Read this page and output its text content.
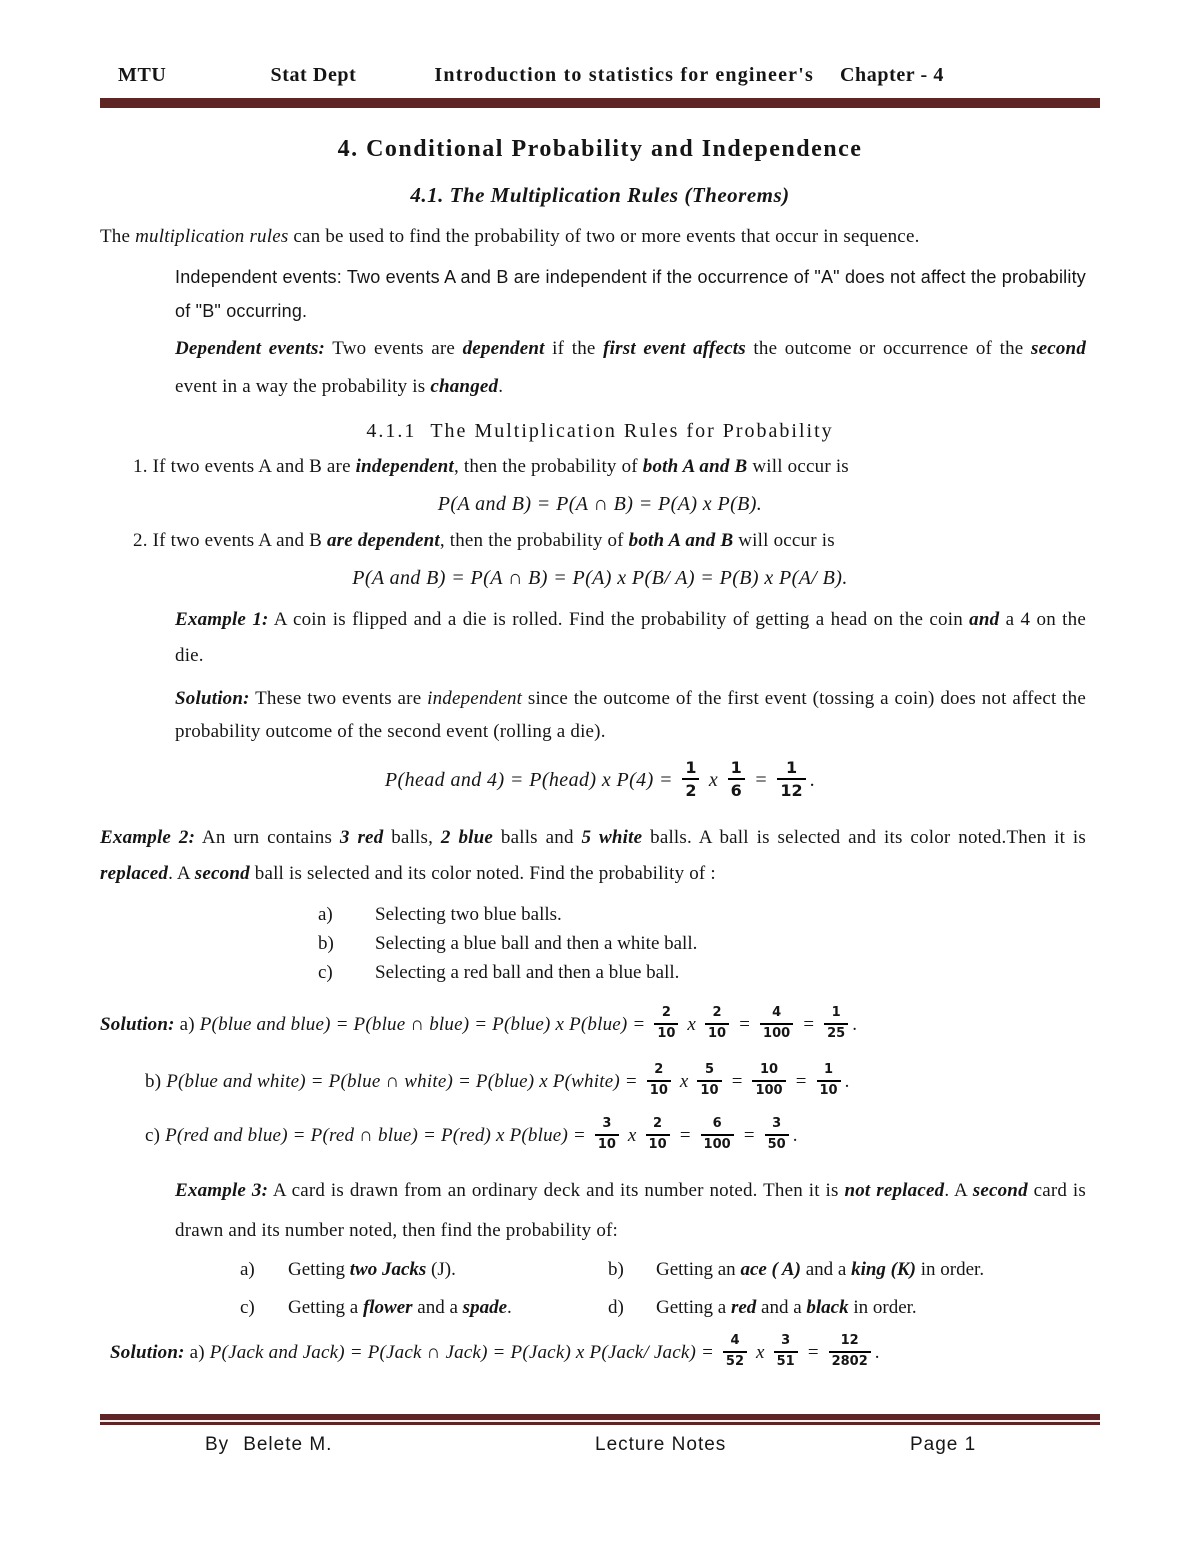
MTU	Stat Dept	Introduction to statistics for engineer's Chapter - 4
4. Conditional Probability and Independence
4.1. The Multiplication Rules (Theorems)

The multiplication rules can be used to find the probability of two or more events that occur in sequence.

Independent events: Two events A and B are independent if the occurrence of "A" does not affect the probability of "B" occurring.

Dependent events: Two events are dependent if the first event affects the outcome or occurrence of the second event in a way the probability is changed.

4.1.1 The Multiplication Rules for Probability

1. If two events A and B are independent, then the probability of both A and B will occur is

P(A and B) = P(A ∩ B) = P(A) x P(B).

2. If two events A and B are dependent, then the probability of both A and B will occur is

P(A and B) = P(A ∩ B) = P(A) x P(B/ A) = P(B) x P(A/ B).

Example 1: A coin is flipped and a die is rolled. Find the probability of getting a head on the coin and a 4 on the die.

Solution: These two events are independent since the outcome of the first event (tossing a coin) does not affect the probability outcome of the second event (rolling a die).

P(head and 4) = P(head) x $P(4) = \frac{1}{2}$ x $\frac{1}{6} = \frac{1}{12}$ .

Example 2: An urn contains 3 red balls, 2 blue balls and 5 white balls. A ball is selected and its color noted.Then it is replaced. A second ball is selected and its color noted. Find the probability of :

a) Selecting two blue balls.
b) Selecting a blue ball and then a white ball.
c) Selecting a red ball and then a blue ball.

Solution: a) P(blue and blue) = P(blue ∩ blue) = P(blue) x P(blue) = $\frac{2}{10}$ x $\frac{2}{10} = \frac{4}{100} = \frac{1}{25}$ .

b) P(blue and white) = P(blue ∩ white) = P(blue) x P(white) = $\frac{2}{10}$ x $\frac{5}{10} = \frac{10}{100} = \frac{1}{10}$ .

c) P(red and blue) = P(red ∩ blue) = P(red) x P(blue) = $\frac{3}{10}$ x $\frac{2}{10} = \frac{6}{100} = \frac{3}{50}$ .

Example 3: A card is drawn from an ordinary deck and its number noted. Then it is not replaced. A second card is drawn and its number noted, then find the probability of:

a)	Getting two Jacks (J).	b)	Getting an ace ( A) and a king (K) in order.
c)	Getting a flower and a spade.	d)	Getting a red and a black in order.

Solution: a) P(Jack and Jack) = P(Jack ∩ Jack) = P(Jack) x P(Jack/ Jack) = $\frac{4}{52}$ x $\frac{3}{51} = \frac{12}{2802}$ .

By Belete M.	Lecture Notes	Page 1
